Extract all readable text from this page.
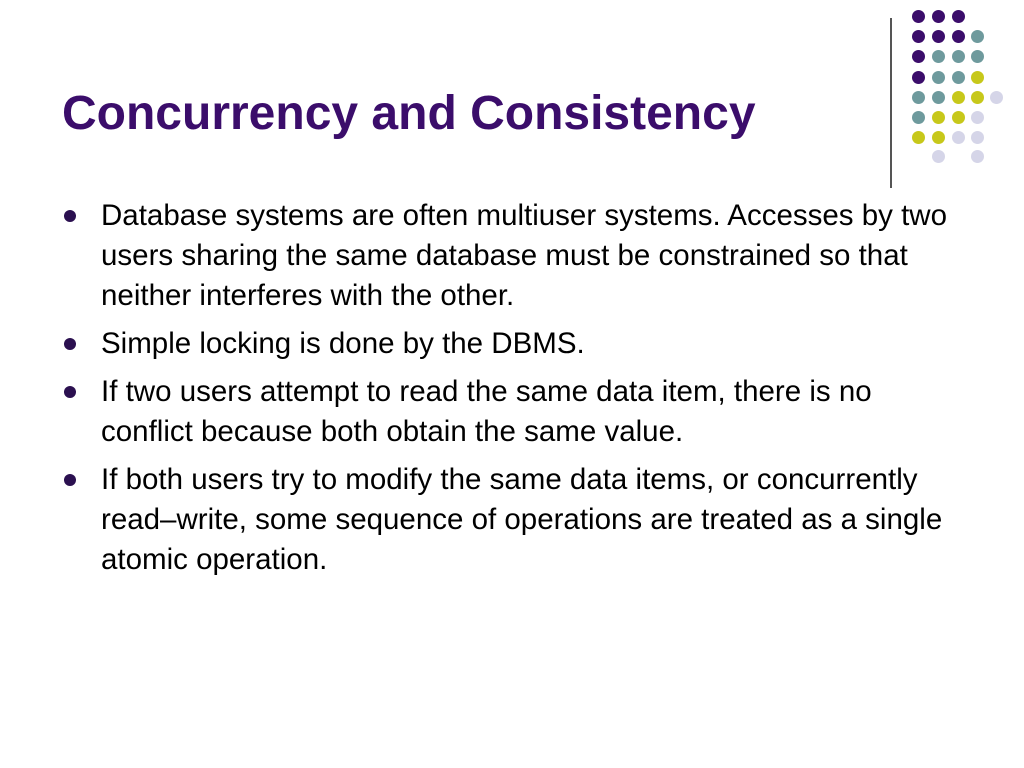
Concurrency and Consistency
Database systems are often multiuser systems. Accesses by two users sharing the same database must be constrained so that neither interferes with the other.
Simple locking is done by the DBMS.
If two users attempt to read the same data item, there is no conflict because both obtain the same value.
If both users try to modify the same data items, or concurrently read–write, some sequence of operations are treated as a single atomic operation.
